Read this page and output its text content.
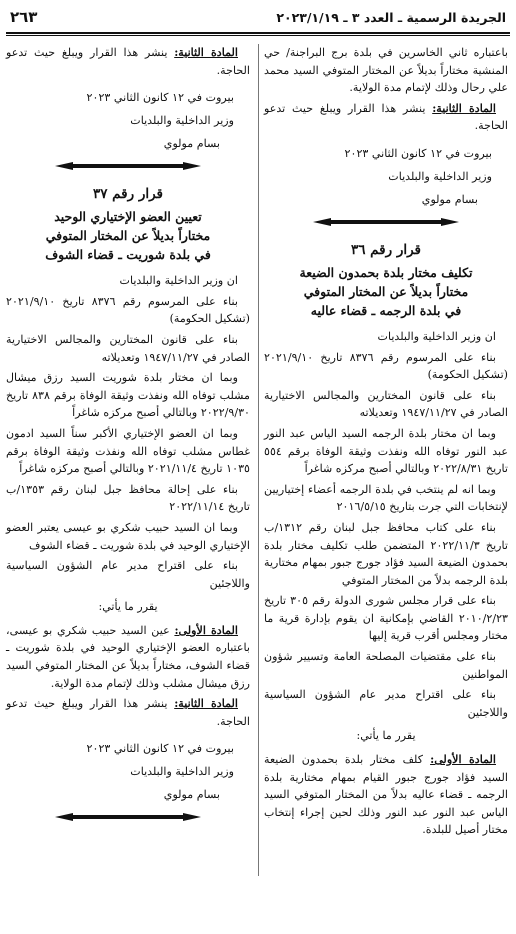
الجريدة الرسمية ـ العدد ٣ ـ ٢٠٢٣/١/١٩
٢٦٣

باعتباره ثاني الخاسرين في بلدة برج البراجنة/ حي المنشية مختاراً بديلاً عن المختار المتوفي السيد محمد علي رحال وذلك لإتمام مدة الولاية.

المادة الثانية: ينشر هذا القرار ويبلغ حيث تدعو الحاجة.

بيروت في ١٢ كانون الثاني ٢٠٢٣
وزير الداخلية والبلديات
بسام مولوي
قرار رقم ٣٦
تكليف مختار بلدة بحمدون الضيعة
مختاراً بديلاً عن المختار المتوفي
في بلدة الرجمه ـ قضاء عاليه

ان وزير الداخلية والبلديات

بناء على المرسوم رقم ٨٣٧٦ تاريخ ٢٠٢١/٩/١٠ (تشكيل الحكومة)

بناء على قانون المختارين والمجالس الاختيارية الصادر في ١٩٤٧/١١/٢٧ وتعديلاته

وبما ان مختار بلدة الرجمه السيد الياس عبد النور عبد النور توفاه الله ونفذت وثيقة الوفاة برقم ٥٥٤ تاريخ ٢٠٢٢/٨/٣١ وبالتالي أصبح مركزه شاغراً

وبما انه لم ينتخب في بلدة الرجمه أعضاء إختياريين لإنتخابات التي جرت بتاريخ ٢٠١٦/٥/١٥

بناء على كتاب محافظ جبل لبنان رقم ١٣١٢/ب تاريخ ٢٠٢٢/١١/٣ المتضمن طلب تكليف مختار بلدة بحمدون الضيعة السيد فؤاد جورج جبور بمهام مختارية بلدة الرجمه بدلاً من المختار المتوفي

بناء على قرار مجلس شورى الدولة رقم ٣٠٥ تاريخ ٢٠١٠/٢/٢٣ القاضي بإمكانية ان يقوم بإدارة قرية ما مختار ومجلس أقرب قرية إليها

بناء على مقتضيات المصلحة العامة وتسيير شؤون المواطنين

بناء على اقتراح مدير عام الشؤون السياسية واللاجئين

يقرر ما يأتي:

المادة الأولى: كلف مختار بلدة بحمدون الضيعة السيد فؤاد جورج جبور القيام بمهام مختارية بلدة الرجمه ـ قضاء عاليه بدلاً من المختار المتوفي السيد الياس عبد النور عبد النور وذلك لحين إجراء إنتخاب مختار أصيل للبلدة.

المادة الثانية: ينشر هذا القرار ويبلغ حيث تدعو الحاجة.

بيروت في ١٢ كانون الثاني ٢٠٢٣
وزير الداخلية والبلديات
بسام مولوي
قرار رقم ٣٧
تعيين العضو الإختياري الوحيد
مختاراً بديلاً عن المختار المتوفي
في بلدة شوريت ـ قضاء الشوف

ان وزير الداخلية والبلديات

بناء على المرسوم رقم ٨٣٧٦ تاريخ ٢٠٢١/٩/١٠ (تشكيل الحكومة)

بناء على قانون المختارين والمجالس الاختيارية الصادر في ١٩٤٧/١١/٢٧ وتعديلاته

وبما ان مختار بلدة شوريت السيد رزق ميشال مشلب توفاه الله ونفذت وثيقة الوفاة برقم ٨٣٨ تاريخ ٢٠٢٢/٩/٣٠ وبالتالي أصبح مركزه شاغراً

وبما ان العضو الإختياري الأكبر سناً السيد ادمون غطاس مشلب توفاه الله ونفذت وثيقة الوفاة برقم ١٠٣٥ تاريخ ٢٠٢١/١١/٤ وبالتالي أصبح مركزه شاغراً

بناء على إحالة محافظ جبل لبنان رقم ١٣٥٣/ب تاريخ ٢٠٢٢/١١/١٤

وبما ان السيد حبيب شكري بو عيسى يعتبر العضو الإختياري الوحيد في بلدة شوريت ـ قضاء الشوف

بناء على اقتراح مدير عام الشؤون السياسية واللاجئين

يقرر ما يأتي:

المادة الأولى: عين السيد حبيب شكري بو عيسى، باعتباره العضو الإختياري الوحيد في بلدة شوريت ـ قضاء الشوف، مختاراً بديلاً عن المختار المتوفي السيد رزق ميشال مشلب وذلك لإتمام مدة الولاية.

المادة الثانية: ينشر هذا القرار ويبلغ حيث تدعو الحاجة.

بيروت في ١٢ كانون الثاني ٢٠٢٣
وزير الداخلية والبلديات
بسام مولوي
